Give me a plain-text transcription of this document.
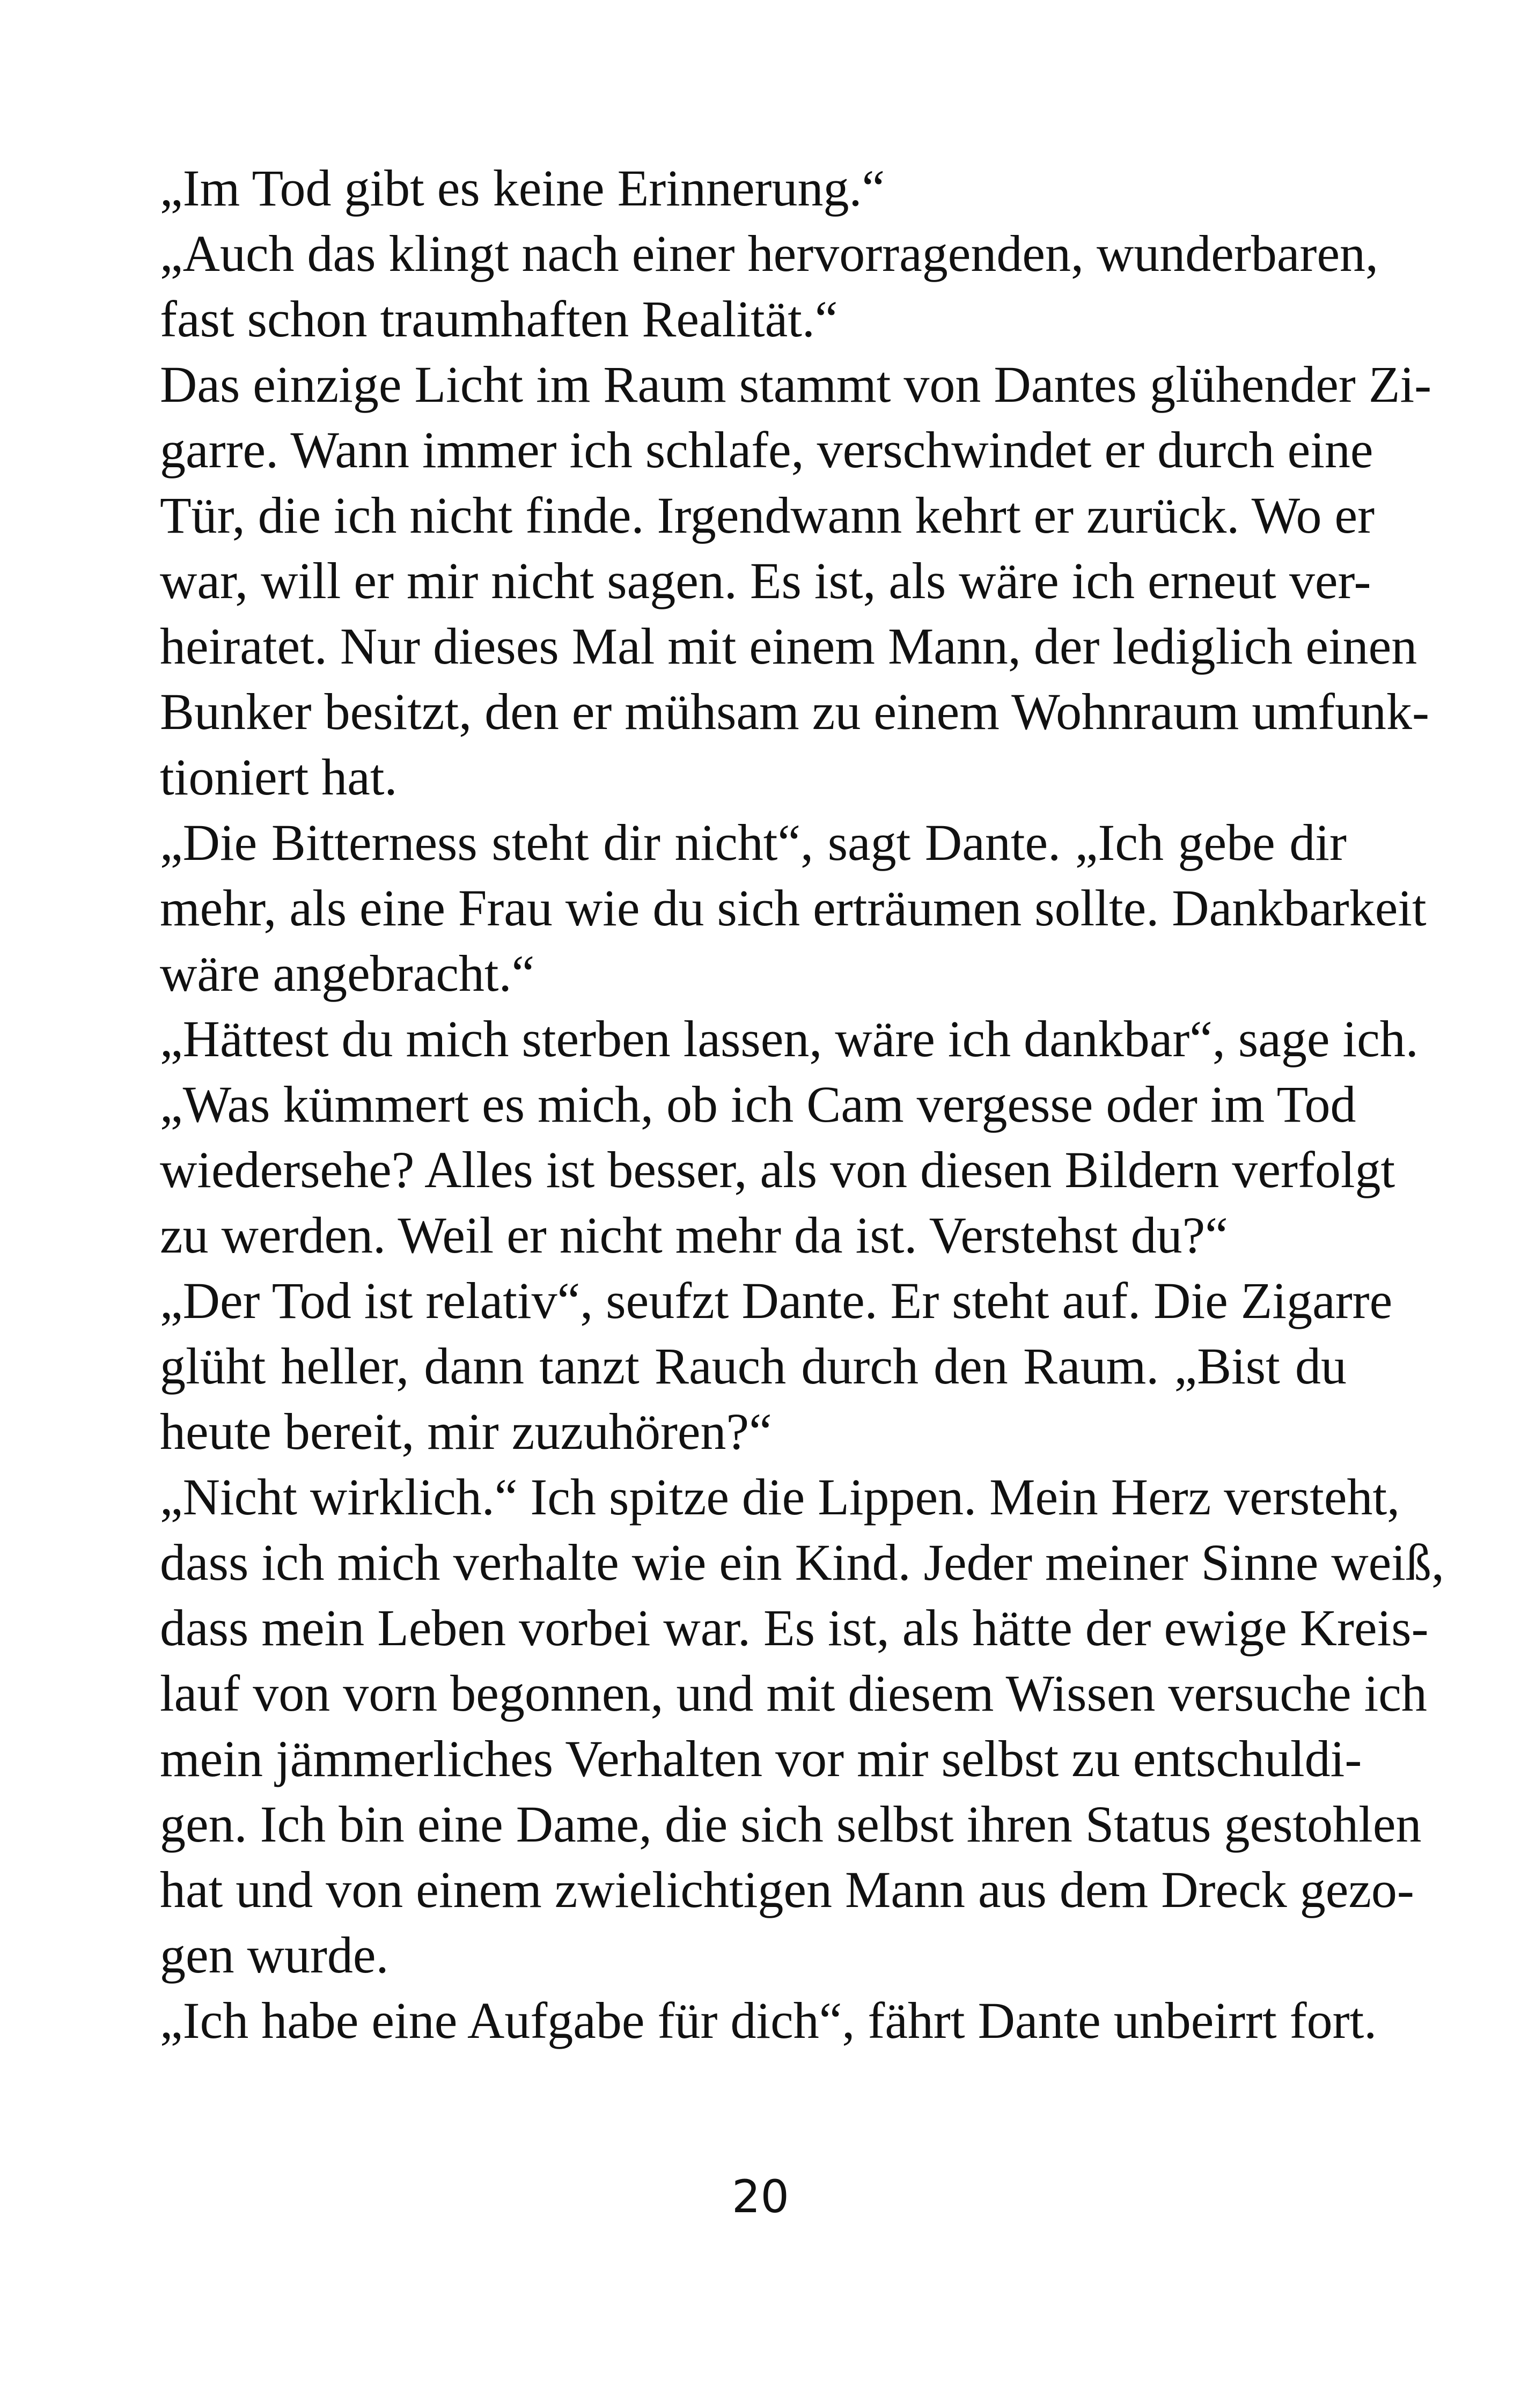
„Im Tod gibt es keine Erinnerung.“
„Auch das klingt nach einer hervorragenden, wunderbaren,
fast schon traumhaften Realität.“
Das einzige Licht im Raum stammt von Dantes glühender Zi-
garre. Wann immer ich schlafe, verschwindet er durch eine
Tür, die ich nicht finde. Irgendwann kehrt er zurück. Wo er
war, will er mir nicht sagen. Es ist, als wäre ich erneut ver-
heiratet. Nur dieses Mal mit einem Mann, der lediglich einen
Bunker besitzt, den er mühsam zu einem Wohnraum umfunk-
tioniert hat.
„Die Bitterness steht dir nicht“, sagt Dante. „Ich gebe dir
mehr, als eine Frau wie du sich erträumen sollte. Dankbarkeit
wäre angebracht.“
„Hättest du mich sterben lassen, wäre ich dankbar“, sage ich.
„Was kümmert es mich, ob ich Cam vergesse oder im Tod
wiedersehe? Alles ist besser, als von diesen Bildern verfolgt
zu werden. Weil er nicht mehr da ist. Verstehst du?“
„Der Tod ist relativ“, seufzt Dante. Er steht auf. Die Zigarre
glüht heller, dann tanzt Rauch durch den Raum. „Bist du
heute bereit, mir zuzuhören?“
„Nicht wirklich.“ Ich spitze die Lippen. Mein Herz versteht,
dass ich mich verhalte wie ein Kind. Jeder meiner Sinne weiß,
dass mein Leben vorbei war. Es ist, als hätte der ewige Kreis-
lauf von vorn begonnen, und mit diesem Wissen versuche ich
mein jämmerliches Verhalten vor mir selbst zu entschuldi-
gen. Ich bin eine Dame, die sich selbst ihren Status gestohlen
hat und von einem zwielichtigen Mann aus dem Dreck gezo-
gen wurde.
„Ich habe eine Aufgabe für dich“, fährt Dante unbeirrt fort.
20
